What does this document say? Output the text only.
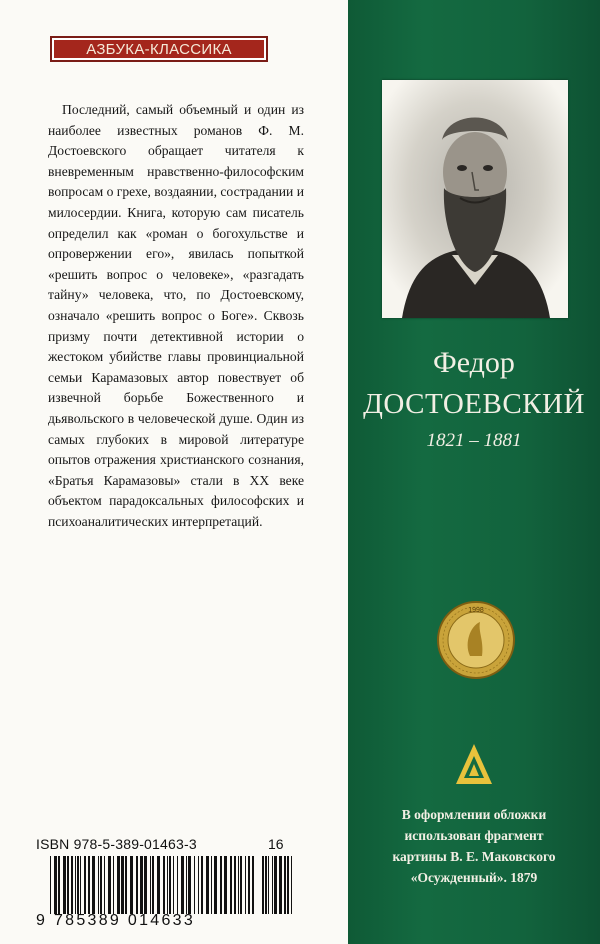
АЗБУКА-КЛАССИКА
Последний, самый объемный и один из наиболее известных романов Ф. М. Достоевского обращает читателя к вневременным нравственно-философским вопросам о грехе, воздаянии, сострадании и милосердии. Книга, которую сам писатель определил как «роман о богохульстве и опровержении его», явилась попыткой «решить вопрос о человеке», «разгадать тайну» человека, что, по Достоевскому, означало «решить вопрос о Боге». Сквозь призму почти детективной истории о жестоком убийстве главы провинциальной семьи Карамазовых автор повествует об извечной борьбе Божественного и дьявольского в человеческой душе. Один из самых глубоких в мировой литературе опытов отражения христианского сознания, «Братья Карамазовы» стали в XX веке объектом парадоксальных философских и психоаналитических интерпретаций.
ISBN 978-5-389-01463-3	16
9 785389 014633
Федор
ДОСТОЕВСКИЙ
1821 – 1881
1998
В оформлении обложки
использован фрагмент
картины В. Е. Маковского
«Осужденный». 1879
